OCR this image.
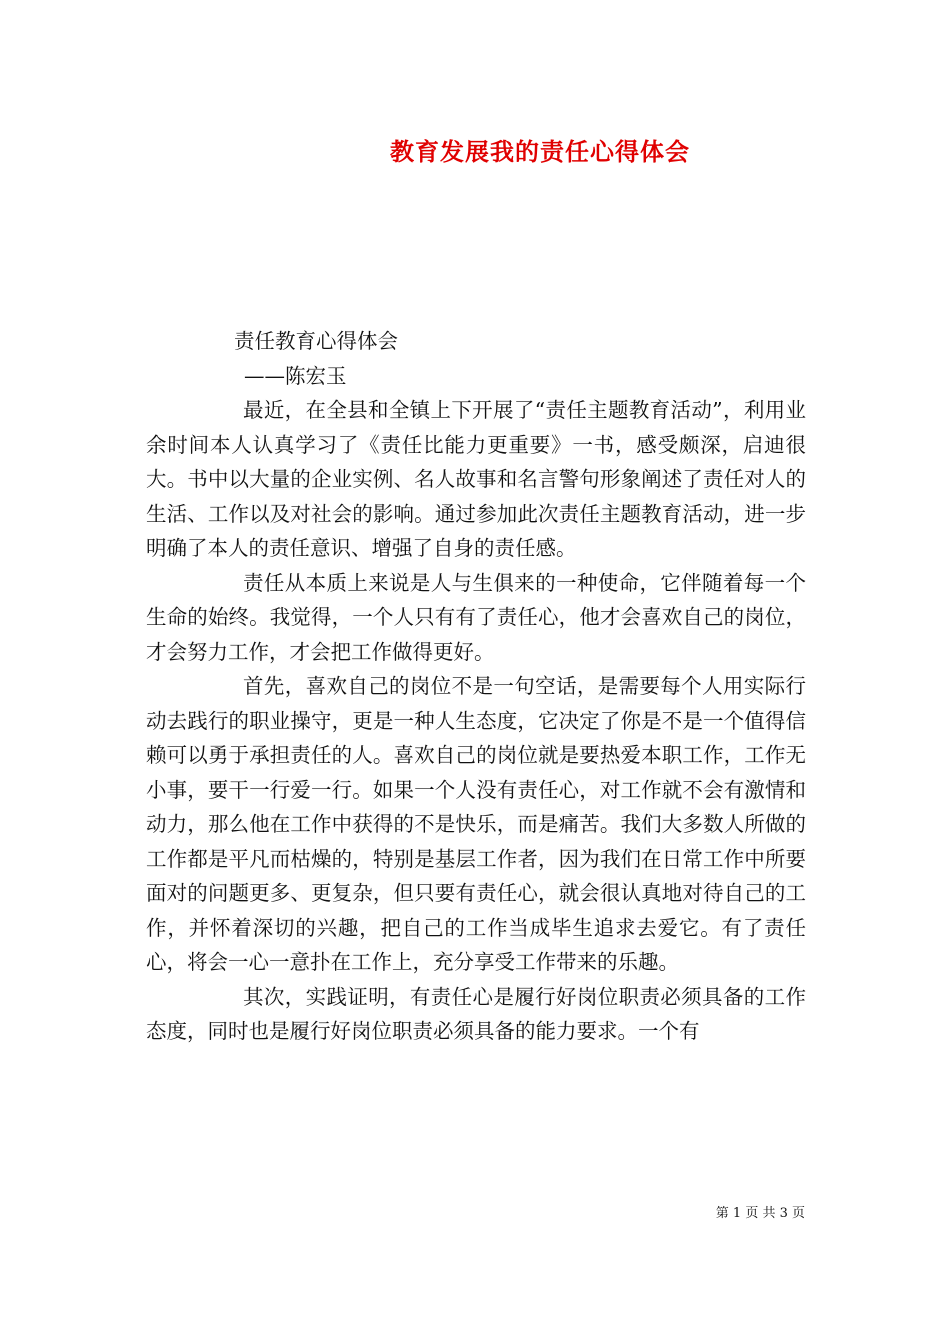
教育发展我的责任心得体会

责任教育心得体会

——陈宏玉

最近，在全县和全镇上下开展了“责任主题教育活动”，利用业余时间本人认真学习了《责任比能力更重要》一书，感受颇深，启迪很大。书中以大量的企业实例、名人故事和名言警句形象阐述了责任对人的生活、工作以及对社会的影响。通过参加此次责任主题教育活动，进一步明确了本人的责任意识、增强了自身的责任感。

责任从本质上来说是人与生俱来的一种使命，它伴随着每一个生命的始终。我觉得，一个人只有有了责任心，他才会喜欢自己的岗位，才会努力工作，才会把工作做得更好。

首先，喜欢自己的岗位不是一句空话，是需要每个人用实际行动去践行的职业操守，更是一种人生态度，它决定了你是不是一个值得信赖可以勇于承担责任的人。喜欢自己的岗位就是要热爱本职工作，工作无小事，要干一行爱一行。如果一个人没有责任心，对工作就不会有激情和动力，那么他在工作中获得的不是快乐，而是痛苦。我们大多数人所做的工作都是平凡而枯燥的，特别是基层工作者，因为我们在日常工作中所要面对的问题更多、更复杂，但只要有责任心，就会很认真地对待自己的工作，并怀着深切的兴趣，把自己的工作当成毕生追求去爱它。有了责任心，将会一心一意扑在工作上，充分享受工作带来的乐趣。

其次，实践证明，有责任心是履行好岗位职责必须具备的工作态度，同时也是履行好岗位职责必须具备的能力要求。一个有

第 1 页 共 3 页
